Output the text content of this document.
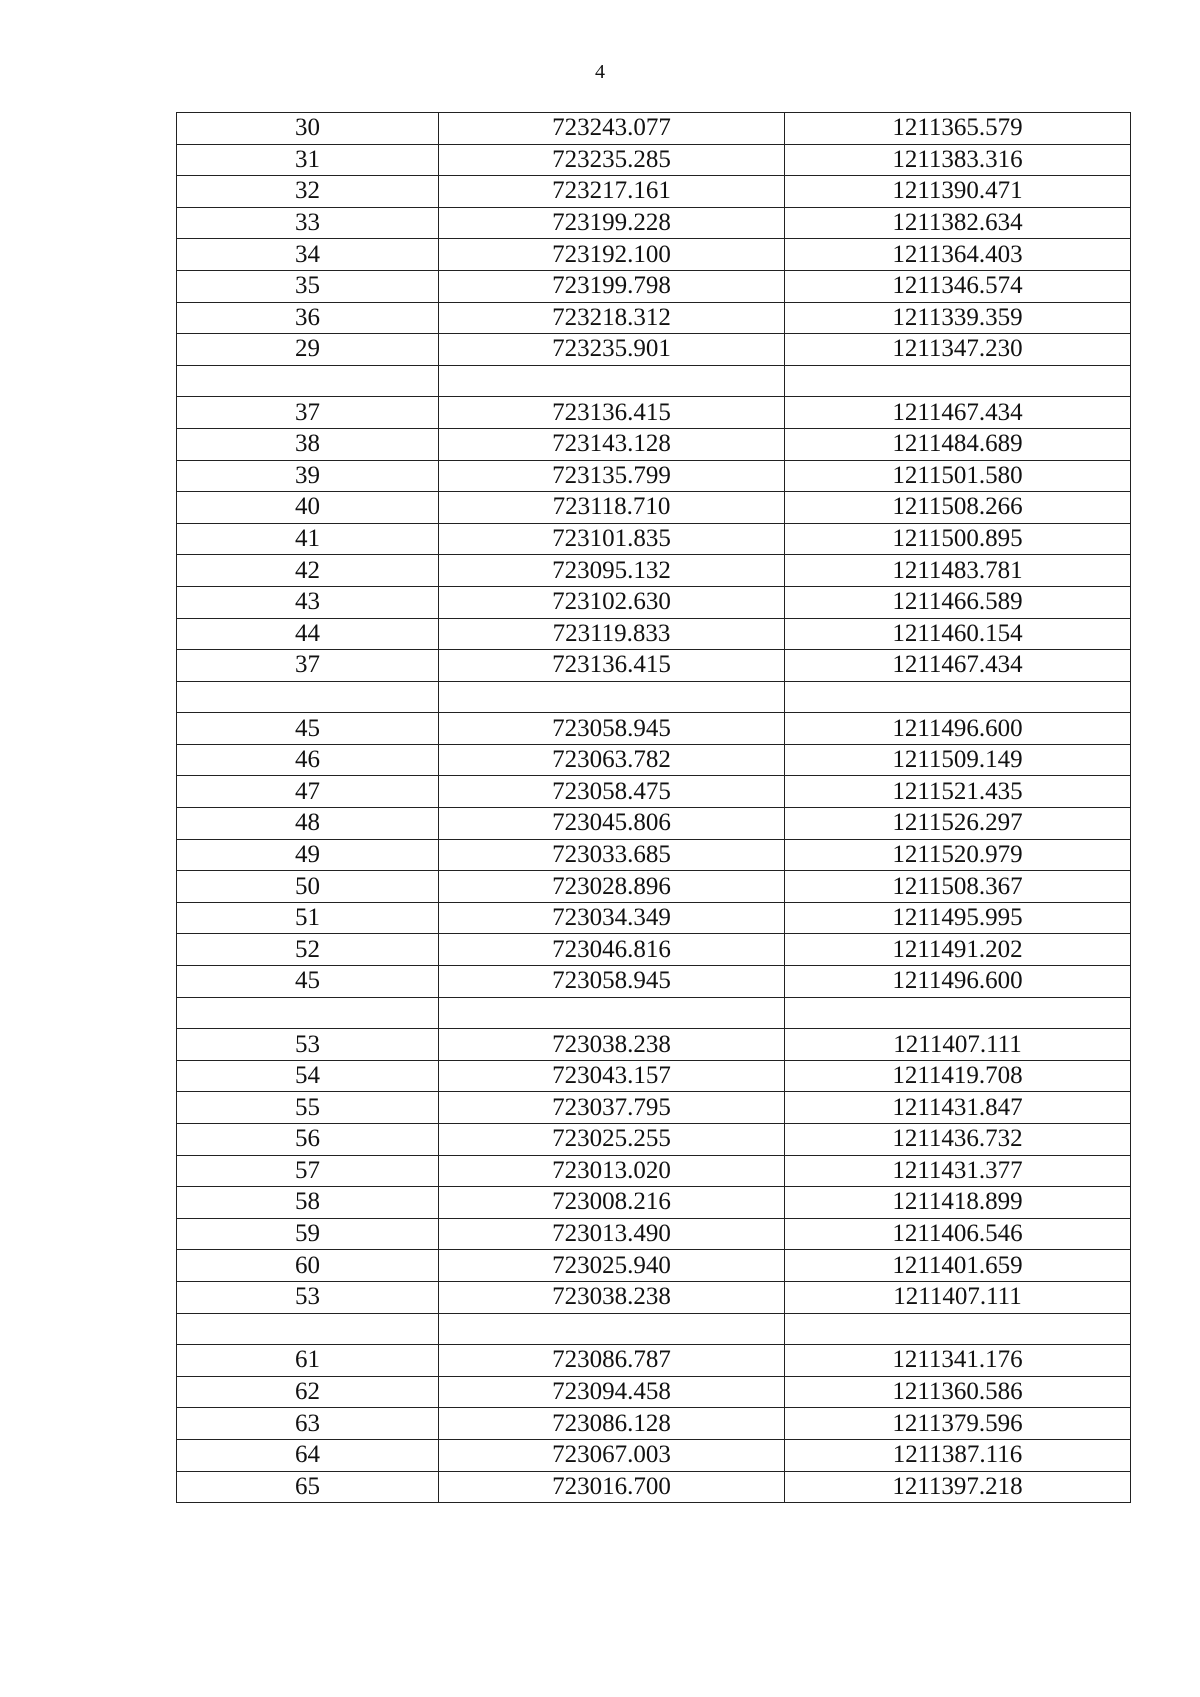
4
30	723243.077	1211365.579
31	723235.285	1211383.316
32	723217.161	1211390.471
33	723199.228	1211382.634
34	723192.100	1211364.403
35	723199.798	1211346.574
36	723218.312	1211339.359
29	723235.901	1211347.230

37	723136.415	1211467.434
38	723143.128	1211484.689
39	723135.799	1211501.580
40	723118.710	1211508.266
41	723101.835	1211500.895
42	723095.132	1211483.781
43	723102.630	1211466.589
44	723119.833	1211460.154
37	723136.415	1211467.434

45	723058.945	1211496.600
46	723063.782	1211509.149
47	723058.475	1211521.435
48	723045.806	1211526.297
49	723033.685	1211520.979
50	723028.896	1211508.367
51	723034.349	1211495.995
52	723046.816	1211491.202
45	723058.945	1211496.600

53	723038.238	1211407.111
54	723043.157	1211419.708
55	723037.795	1211431.847
56	723025.255	1211436.732
57	723013.020	1211431.377
58	723008.216	1211418.899
59	723013.490	1211406.546
60	723025.940	1211401.659
53	723038.238	1211407.111

61	723086.787	1211341.176
62	723094.458	1211360.586
63	723086.128	1211379.596
64	723067.003	1211387.116
65	723016.700	1211397.218
